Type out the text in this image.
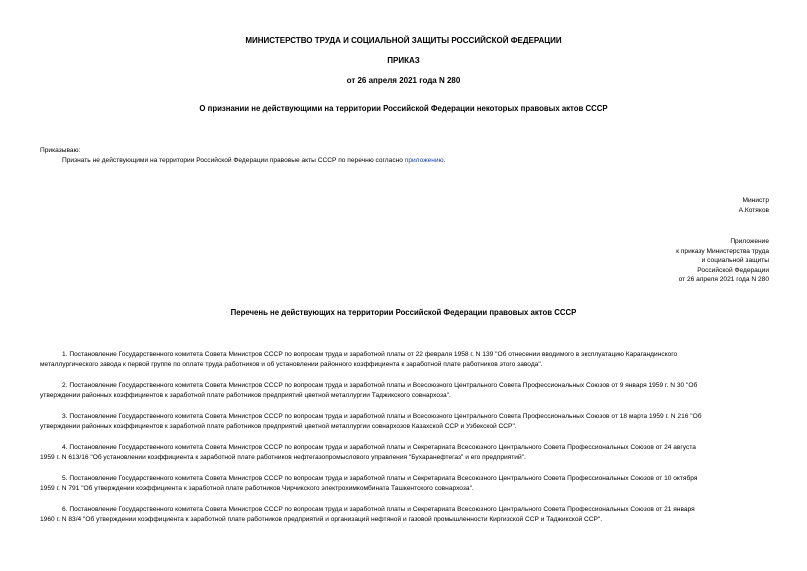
МИНИСТЕРСТВО ТРУДА И СОЦИАЛЬНОЙ ЗАЩИТЫ РОССИЙСКОЙ ФЕДЕРАЦИИ
ПРИКАЗ
от 26 апреля 2021 года N 280
О признании не действующими на территории Российской Федерации некоторых правовых актов СССР
Приказываю:
Признать не действующими на территории Российской Федерации правовые акты СССР по перечню согласно приложению.
Министр
А.Котяков
Приложение
к приказу Министерства труда
и социальной защиты
Российской Федерации
от 26 апреля 2021 года N 280
Перечень не действующих на территории Российской Федерации правовых актов СССР
1. Постановление Государственного комитета Совета Министров СССР по вопросам труда и заработной платы от 22 февраля 1958 г. N 139 "Об отнесении вводимого в эксплуатацию Карагандинского
металлургического завода к первой группе по оплате труда работников и об установлении районного коэффициента к заработной плате работников этого завода".
2. Постановление Государственного комитета Совета Министров СССР по вопросам труда и заработной платы и Всесоюзного Центрального Совета Профессиональных Союзов от 9 января 1959 г. N 30 "Об
утверждении районных коэффициентов к заработной плате работников предприятий цветной металлургии Таджикского совнархоза".
3. Постановление Государственного комитета Совета Министров СССР по вопросам труда и заработной платы и Всесоюзного Центрального Совета Профессиональных Союзов от 18 марта 1959 г. N 216 "Об
утверждении районных коэффициентов к заработной плате работников предприятий цветной металлургии совнархозов Казахской ССР и Узбекской ССР".
4. Постановление Государственного комитета Совета Министров СССР по вопросам труда и заработной платы и Секретариата Всесоюзного Центрального Совета Профессиональных Союзов от 24 августа
1959 г. N 613/16 "Об установлении коэффициента к заработной плате работников нефтегазопромыслового управления "Бухаранефтегаз" и его предприятий".
5. Постановление Государственного комитета Совета Министров СССР по вопросам труда и заработной платы и Секретариата Всесоюзного Центрального Совета Профессиональных Союзов от 10 октября
1959 г. N 791 "Об утверждении коэффициента к заработной плате работников Чирчикского электрохимкомбината Ташкентского совнархоза".
6. Постановление Государственного комитета Совета Министров СССР по вопросам труда и заработной платы и Секретариата Всесоюзного Центрального Совета Профессиональных Союзов от 21 января
1960 г. N 83/4 "Об утверждении коэффициента к заработной плате работников предприятий и организаций нефтяной и газовой промышленности Киргизской ССР и Таджикской ССР".
